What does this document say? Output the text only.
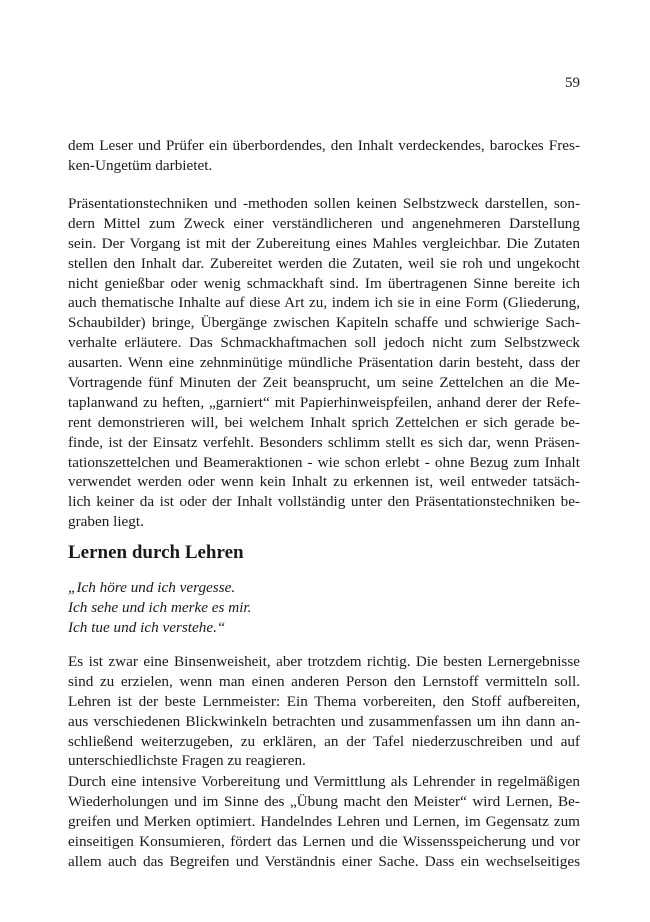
59
dem Leser und Prüfer ein überbordendes, den Inhalt verdeckendes, barockes Fres-
ken-Ungetüm darbietet.
Präsentationstechniken und -methoden sollen keinen Selbstzweck darstellen, son-
dern Mittel zum Zweck einer verständlicheren und angenehmeren Darstellung
sein. Der Vorgang ist mit der Zubereitung eines Mahles vergleichbar. Die Zutaten
stellen den Inhalt dar. Zubereitet werden die Zutaten, weil sie roh und ungekocht
nicht genießbar oder wenig schmackhaft sind. Im übertragenen Sinne bereite ich
auch thematische Inhalte auf diese Art zu, indem ich sie in eine Form (Gliederung,
Schaubilder) bringe, Übergänge zwischen Kapiteln schaffe und schwierige Sach-
verhalte erläutere. Das Schmackhaftmachen soll jedoch nicht zum Selbstzweck
ausarten. Wenn eine zehnminütige mündliche Präsentation darin besteht, dass der
Vortragende fünf Minuten der Zeit beansprucht, um seine Zettelchen an die Me-
taplanwand zu heften, „garniert“ mit Papierhinweispfeilen, anhand derer der Refe-
rent demonstrieren will, bei welchem Inhalt sprich Zettelchen er sich gerade be-
finde, ist der Einsatz verfehlt. Besonders schlimm stellt es sich dar, wenn Präsen-
tationszettelchen und Beameraktionen - wie schon erlebt - ohne Bezug zum Inhalt
verwendet werden oder wenn kein Inhalt zu erkennen ist, weil entweder tatsäch-
lich keiner da ist oder der Inhalt vollständig unter den Präsentationstechniken be-
graben liegt.
Lernen durch Lehren
„Ich höre und ich vergesse.
Ich sehe und ich merke es mir.
Ich tue und ich verstehe.“
Es ist zwar eine Binsenweisheit, aber trotzdem richtig. Die besten Lernergebnisse
sind zu erzielen, wenn man einen anderen Person den Lernstoff vermitteln soll.
Lehren ist der beste Lernmeister: Ein Thema vorbereiten, den Stoff aufbereiten,
aus verschiedenen Blickwinkeln betrachten und zusammenfassen um ihn dann an-
schließend weiterzugeben, zu erklären, an der Tafel niederzuschreiben und auf
unterschiedlichste Fragen zu reagieren.
Durch eine intensive Vorbereitung und Vermittlung als Lehrender in regelmäßigen
Wiederholungen und im Sinne des „Übung macht den Meister“ wird Lernen, Be-
greifen und Merken optimiert. Handelndes Lehren und Lernen, im Gegensatz zum
einseitigen Konsumieren, fördert das Lernen und die Wissensspeicherung und vor
allem auch das Begreifen und Verständnis einer Sache. Dass ein wechselseitiges
